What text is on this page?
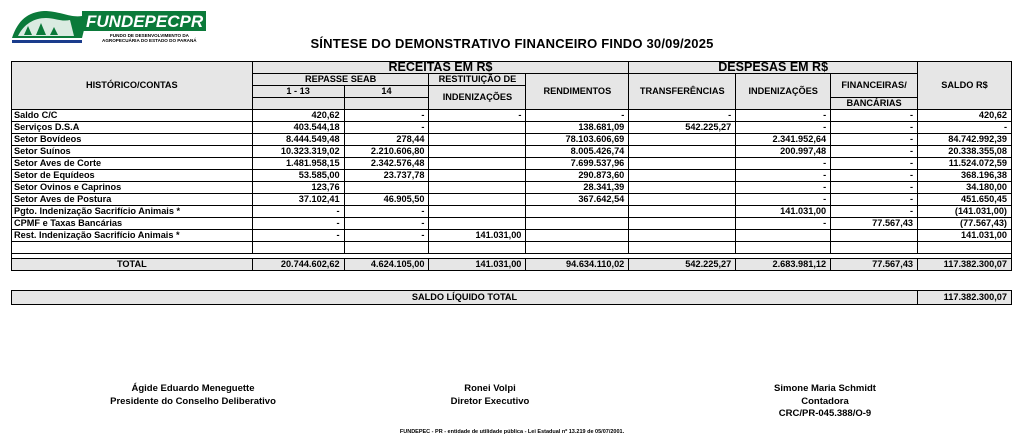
FUNDEPECPR
FUNDO DE DESENVOLVIMENTO DA
AGROPECUÁRIA DO ESTADO DO PARANÁ	SÍNTESE DO DEMONSTRATIVO FINANCEIRO FINDO 30/09/2025
HISTÓRICO/CONTAS	RECEITAS EM R$				DESPESAS EM R$			SALDO R$
	REPASSE SEAB		RESTITUIÇÃO DE	RENDIMENTOS	TRANSFERÊNCIAS	INDENIZAÇÕES	FINANCEIRAS/	
	1 - 13	14	INDENIZAÇÕES					
							BANCÁRIAS	
Saldo C/C	420,62	-	-	-	-	-	-	420,62
Serviços D.S.A	403.544,18	-		138.681,09	542.225,27	-	-	-
Setor Bovídeos	8.444.549,48	278,44		78.103.606,69		2.341.952,64	-	84.742.992,39
Setor Suínos	10.323.319,02	2.210.606,80		8.005.426,74		200.997,48	-	20.338.355,08
Setor Aves de Corte	1.481.958,15	2.342.576,48		7.699.537,96		-	-	11.524.072,59
Setor de Equídeos	53.585,00	23.737,78		290.873,60		-	-	368.196,38
Setor Ovinos e Caprinos	123,76			28.341,39		-	-	34.180,00
Setor Aves de Postura	37.102,41	46.905,50		367.642,54		-	-	451.650,45
Pgto. Indenização Sacrifício Animais *	-	-				141.031,00	-	(141.031,00)
CPMF e Taxas Bancárias	-	-				-	77.567,43	(77.567,43)
Rest. Indenização Sacrifício Animais *	-	-	141.031,00					141.031,00

TOTAL	20.744.602,62	4.624.105,00	141.031,00	94.634.110,02	542.225,27	2.683.981,12	77.567,43	117.382.300,07
SALDO LÍQUIDO TOTAL	117.382.300,07
Ágide Eduardo Meneguette
Presidente do Conselho Deliberativo
Ronei Volpi
Diretor Executivo
Simone Maria Schmidt
Contadora
CRC/PR-045.388/O-9
FUNDEPEC - PR - entidade de utilidade pública - Lei Estadual nº 13.219 de 05/07/2001.
